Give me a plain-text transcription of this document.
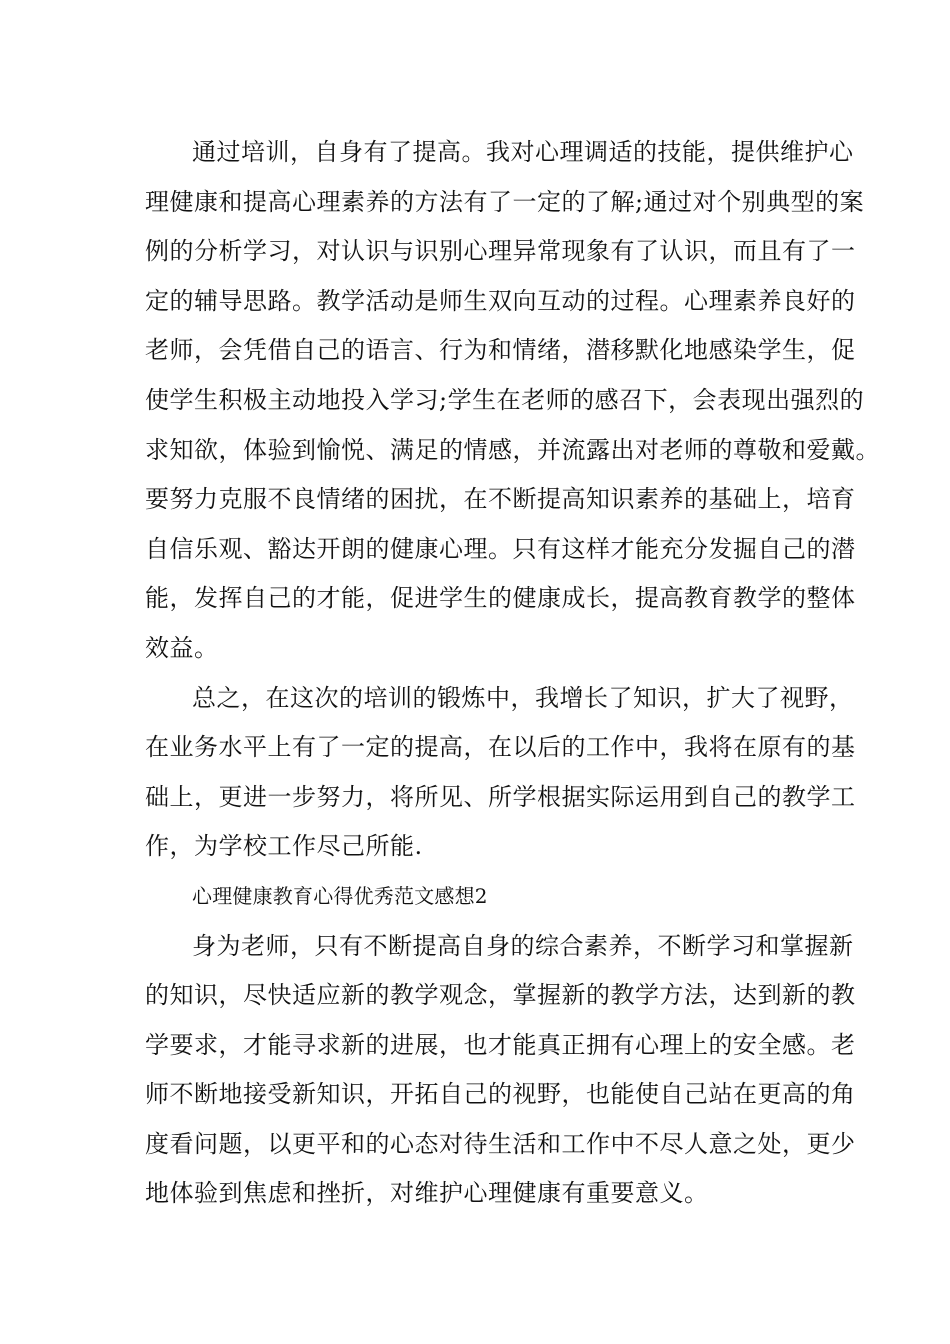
通过培训，自身有了提高。我对心理调适的技能，提供维护心
理健康和提高心理素养的方法有了一定的了解;通过对个别典型的案
例的分析学习，对认识与识别心理异常现象有了认识，而且有了一
定的辅导思路。教学活动是师生双向互动的过程。心理素养良好的
老师，会凭借自己的语言、行为和情绪，潜移默化地感染学生，促
使学生积极主动地投入学习;学生在老师的感召下，会表现出强烈的
求知欲，体验到愉悦、满足的情感，并流露出对老师的尊敬和爱戴。
要努力克服不良情绪的困扰，在不断提高知识素养的基础上，培育
自信乐观、豁达开朗的健康心理。只有这样才能充分发掘自己的潜
能，发挥自己的才能，促进学生的健康成长，提高教育教学的整体
效益。
总之，在这次的培训的锻炼中，我增长了知识，扩大了视野，
在业务水平上有了一定的提高，在以后的工作中，我将在原有的基
础上，更进一步努力，将所见、所学根据实际运用到自己的教学工
作，为学校工作尽己所能.
心理健康教育心得优秀范文感想2
身为老师，只有不断提高自身的综合素养，不断学习和掌握新
的知识，尽快适应新的教学观念，掌握新的教学方法，达到新的教
学要求，才能寻求新的进展，也才能真正拥有心理上的安全感。老
师不断地接受新知识，开拓自己的视野，也能使自己站在更高的角
度看问题，以更平和的心态对待生活和工作中不尽人意之处，更少
地体验到焦虑和挫折，对维护心理健康有重要意义。
